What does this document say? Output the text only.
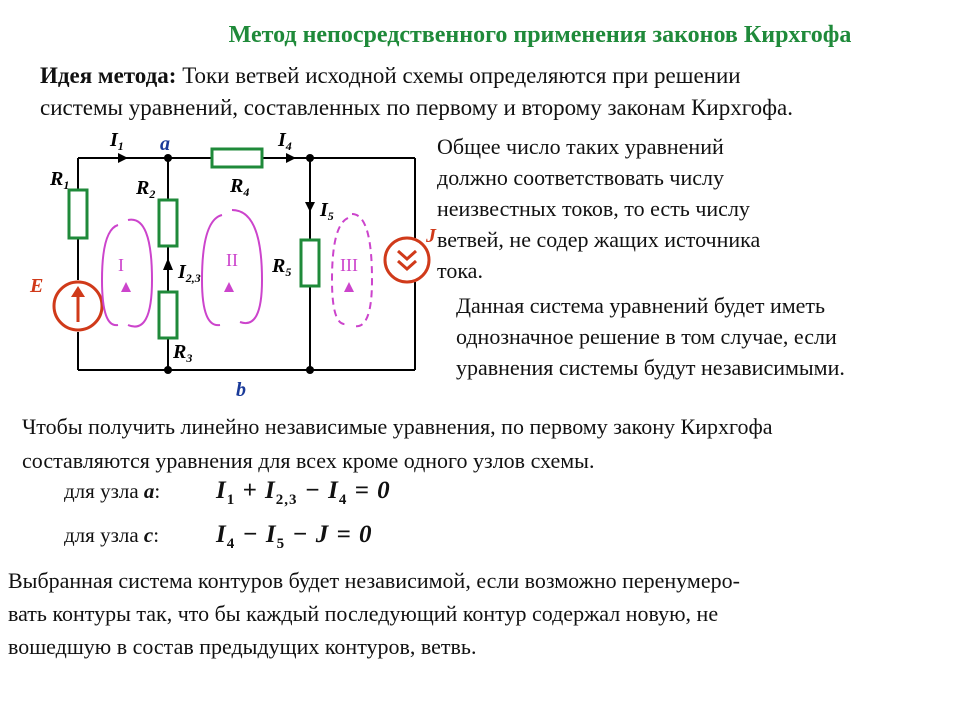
Метод непосредственного применения законов Кирхгофа
Идея метода: Токи ветвей исходной схемы определяются при решении
системы уравнений, составленных по первому и второму законам Кирхгофа.
$R_1$	$R_2$
$R_3$
$R_4$
$R_5$
$I_1$	$I_4$
$I_5$
$I_{2,3}$
a
b
E
J
I	II	III
Общее число таких уравнений
должно соответствовать числу
неизвестных токов, то есть числу
ветвей, не содер жащих источника
тока.
Данная система уравнений будет иметь
однозначное решение в том случае, если
уравнения системы будут независимыми.
Чтобы получить линейно независимые уравнения, по первому закону Кирхгофа
составляются уравнения для всех кроме одного узлов схемы.
для узла a: $I_1 + I_{2,3} - I_4 = 0$
для узла c: $I_4 - I_5 - J = 0$
Выбранная система контуров будет независимой, если возможно перенумеро-
вать контуры так, что бы каждый последующий контур содержал новую, не
вошедшую в состав предыдущих контуров, ветвь.
